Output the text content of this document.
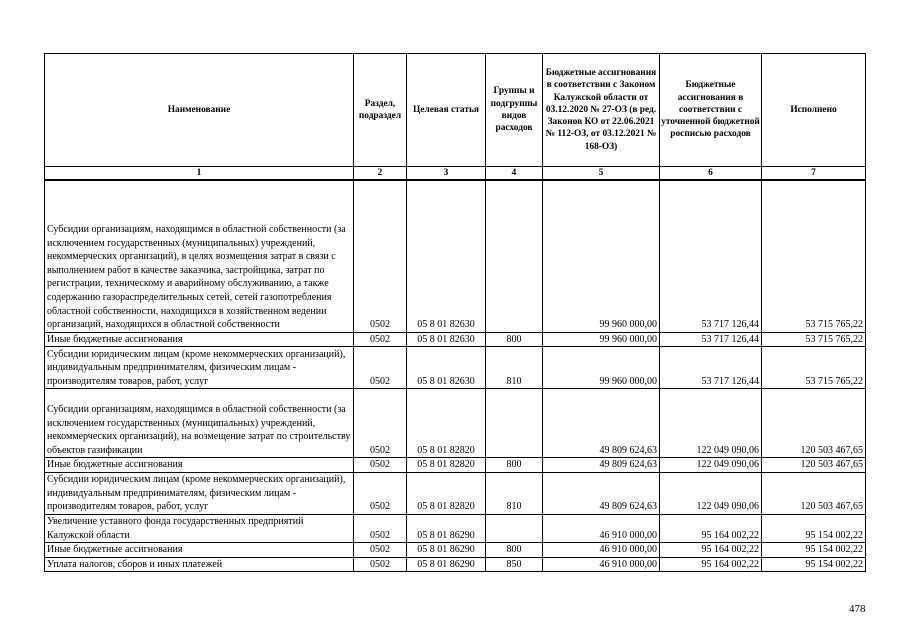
Наименование	Раздел, подраздел	Целевая статья	Группы и подгруппы видов расходов	Бюджетные ассигнования в соответствии с Законом Калужской области от 03.12.2020 № 27-ОЗ (в ред. Законов КО от 22.06.2021 № 112-ОЗ, от 03.12.2021 № 168-ОЗ)	Бюджетные ассигнования в соответствии с уточненной бюджетной росписью расходов	Исполнено
1	2	3	4	5	6	7
Субсидии организациям, находящимся в областной собственности (за исключением государственных (муниципальных) учреждений, некоммерческих организаций), в целях возмещения затрат в связи с выполнением работ в качестве заказчика, застройщика, затрат по регистрации, техническому и аварийному обслуживанию, а также содержанию газораспределительных сетей, сетей газопотребления областной собственности, находящихся в хозяйственном ведении организаций, находящихся в областной собственности	0502	05 8 01 82630		99 960 000,00	53 717 126,44	53 715 765,22
Иные бюджетные ассигнования	0502	05 8 01 82630	800	99 960 000,00	53 717 126,44	53 715 765,22
Субсидии юридическим лицам (кроме некоммерческих организаций), индивидуальным предпринимателям, физическим лицам - производителям товаров, работ, услуг	0502	05 8 01 82630	810	99 960 000,00	53 717 126,44	53 715 765,22
Субсидии организациям, находящимся в областной собственности (за исключением государственных (муниципальных) учреждений, некоммерческих организаций), на возмещение затрат по строительству объектов газификации	0502	05 8 01 82820		49 809 624,63	122 049 090,06	120 503 467,65
Иные бюджетные ассигнования	0502	05 8 01 82820	800	49 809 624,63	122 049 090,06	120 503 467,65
Субсидии юридическим лицам (кроме некоммерческих организаций), индивидуальным предпринимателям, физическим лицам - производителям товаров, работ, услуг	0502	05 8 01 82820	810	49 809 624,63	122 049 090,06	120 503 467,65
Увеличение уставного фонда государственных предприятий Калужской области	0502	05 8 01 86290		46 910 000,00	95 164 002,22	95 154 002,22
Иные бюджетные ассигнования	0502	05 8 01 86290	800	46 910 000,00	95 164 002,22	95 154 002,22
Уплата налогов, сборов и иных платежей	0502	05 8 01 86290	850	46 910 000,00	95 164 002,22	95 154 002,22
478
